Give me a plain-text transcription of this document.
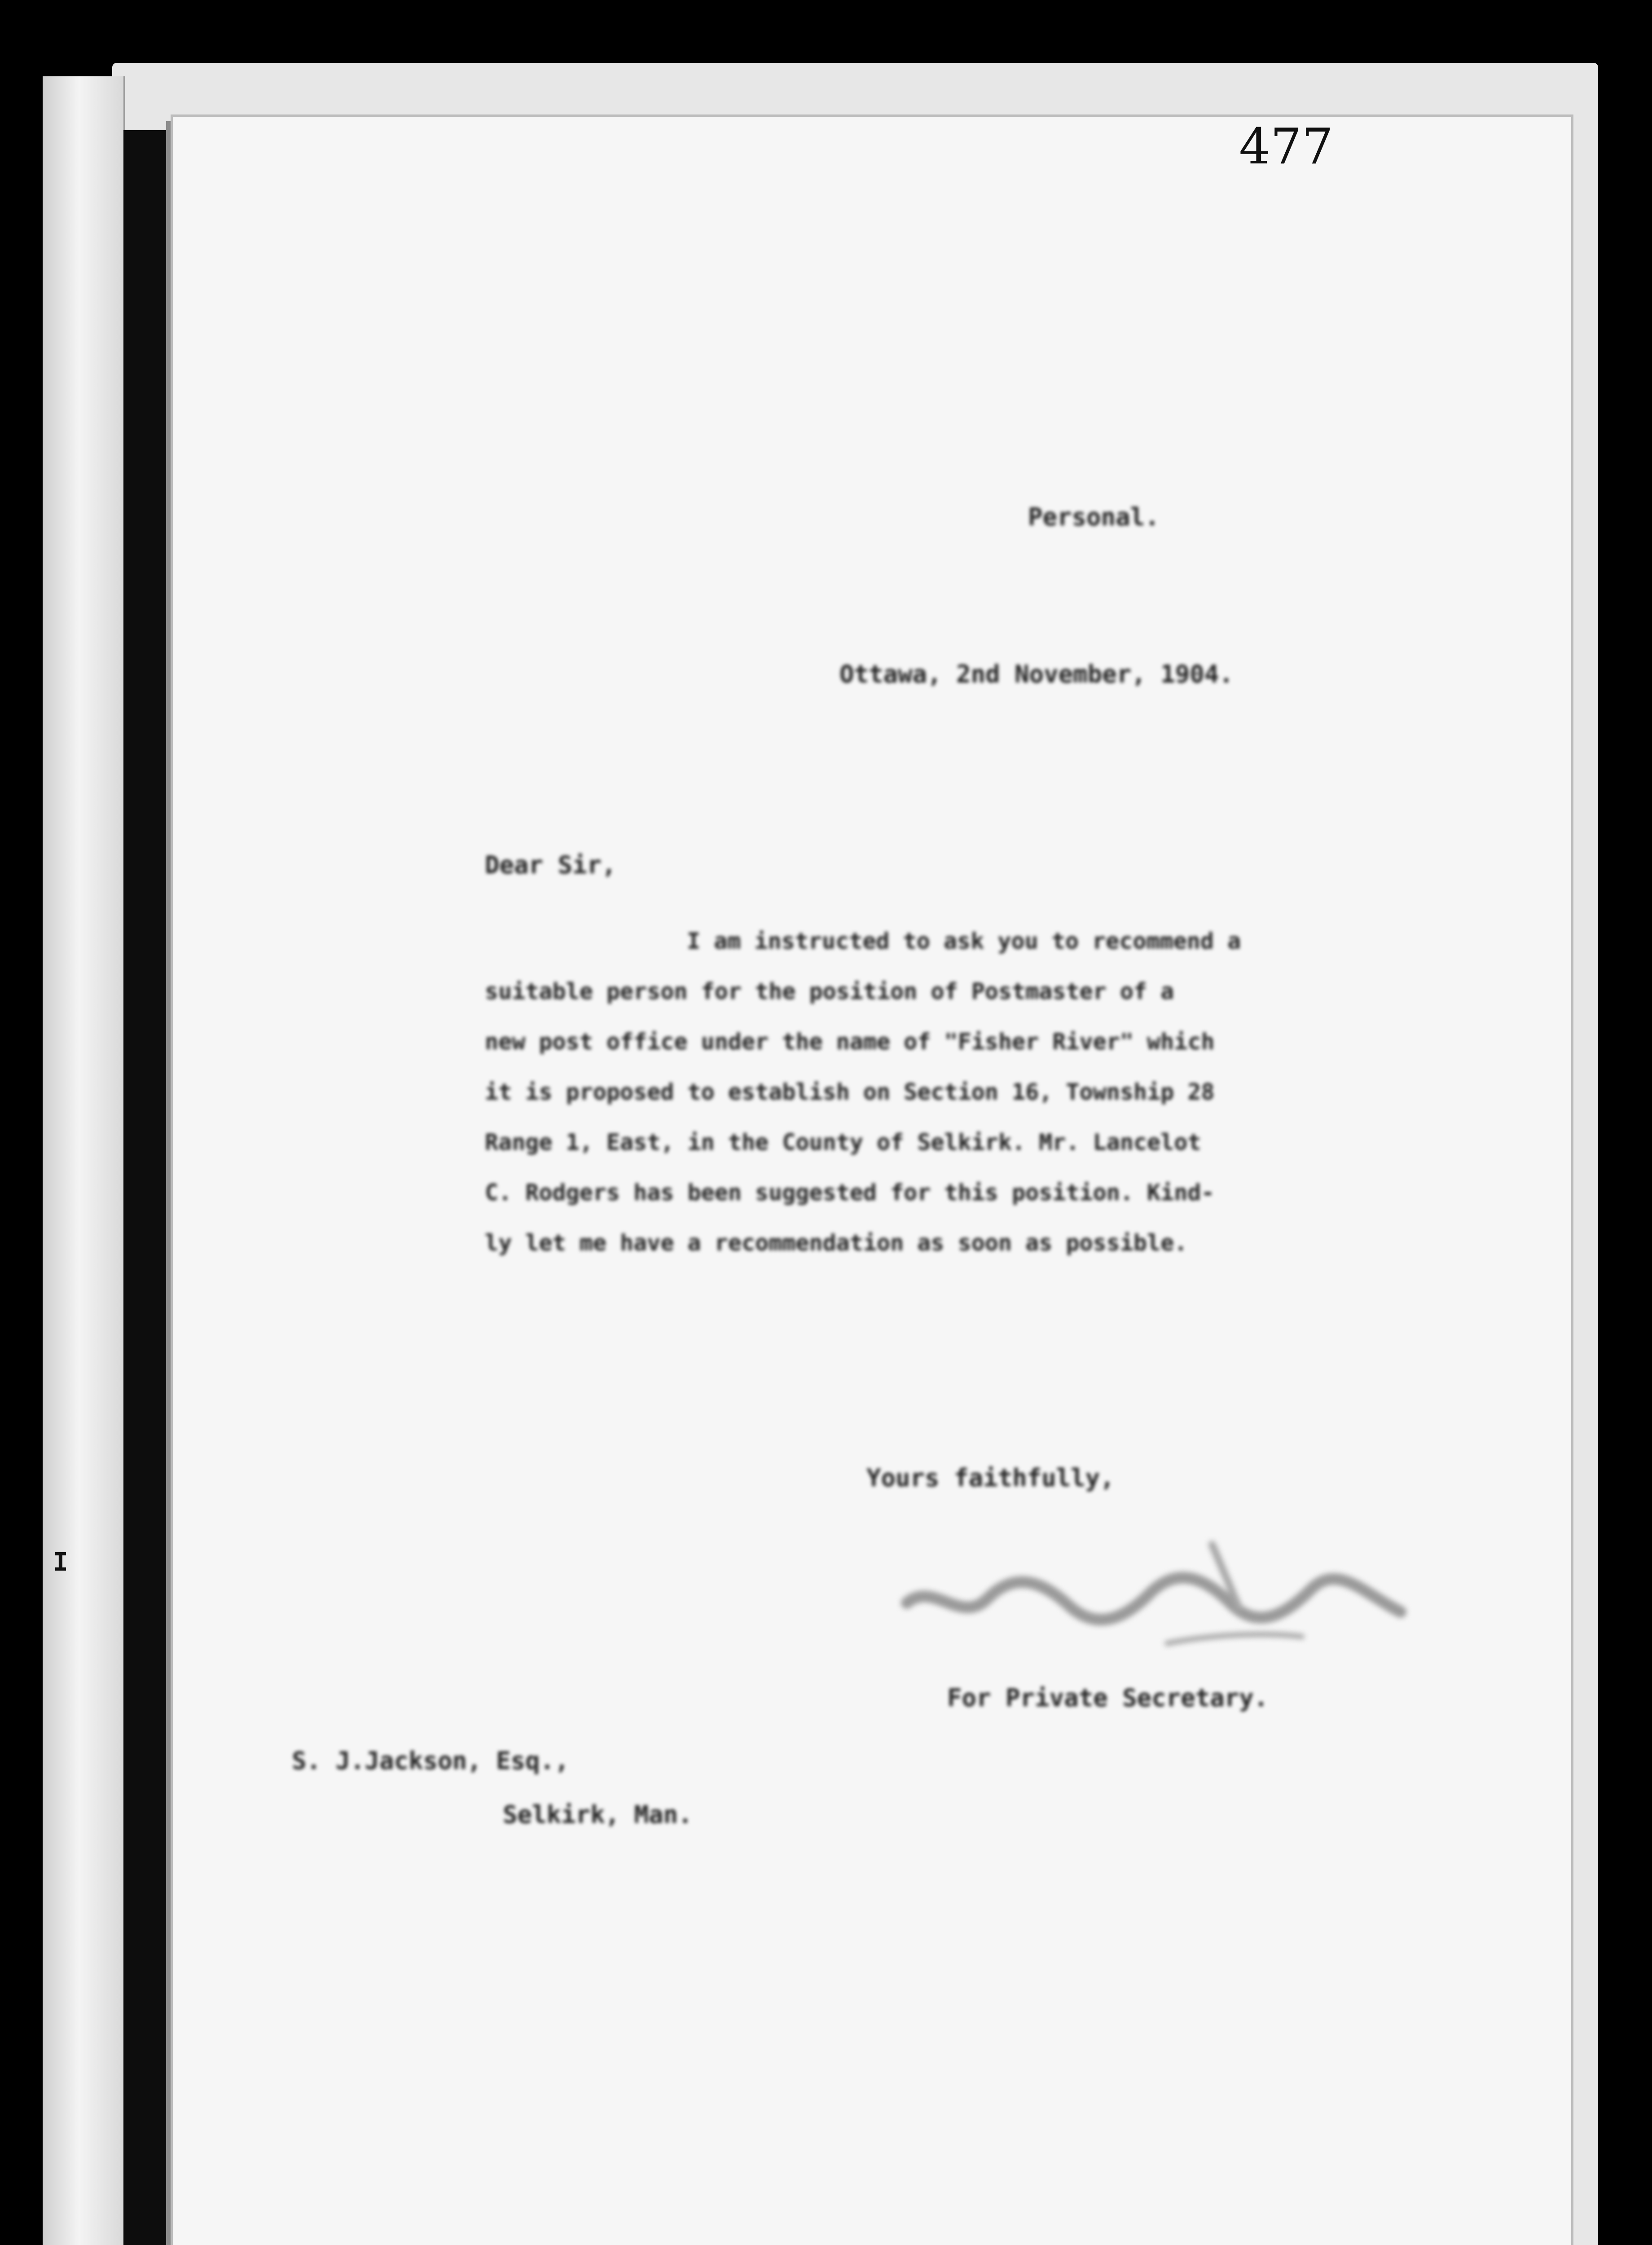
I
477
Personal.
Ottawa, 2nd November, 1904.
Dear Sir,
I am instructed to ask you to recommend a
suitable person for the position of Postmaster of a
new post office under the name of "Fisher River" which
it is proposed to establish on Section 16, Township 28
Range 1, East, in the County of Selkirk. Mr. Lancelot
C. Rodgers has been suggested for this position. Kind-
ly let me have a recommendation as soon as possible.
Yours faithfully,
For Private Secretary.
S. J.Jackson, Esq.,
Selkirk, Man.
